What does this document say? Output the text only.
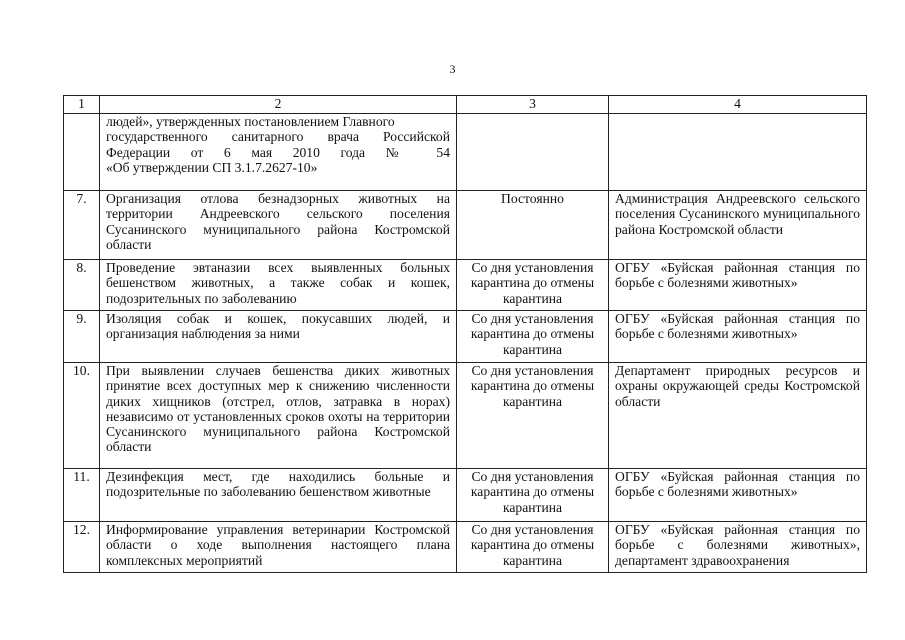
3
1	2	3	4

	людей», утвержденных постановлением Главного
государственного санитарного врача Российской
Федерации от 6 мая 2010 года № 54
«Об утверждении СП 3.1.7.2627-10»		

7.	Организация отлова безнадзорных животных на территории Андреевского сельского поселения Сусанинского муниципального района Костромской области	Постоянно	Администрация Андреевского сельского поселения Сусанинского муниципального района Костромской области
8.	Проведение эвтаназии всех выявленных больных бешенством животных, а также собак и кошек, подозрительных по заболеванию	Со дня установления карантина до отмены карантина	ОГБУ «Буйская районная станция по борьбе с болезнями животных»
9.	Изоляция собак и кошек, покусавших людей, и организация наблюдения за ними	Со дня установления карантина до отмены карантина	ОГБУ «Буйская районная станция по борьбе с болезнями животных»
10.	При выявлении случаев бешенства диких животных принятие всех доступных мер к снижению численности диких хищников (отстрел, отлов, затравка в норах) независимо от установленных сроков охоты на территории Сусанинского муниципального района Костромской области	Со дня установления карантина до отмены карантина	Департамент природных ресурсов и охраны окружающей среды Костромской области
11.	Дезинфекция мест, где находились больные и подозрительные по заболеванию бешенством животные	Со дня установления карантина до отмены карантина	ОГБУ «Буйская районная станция по борьбе с болезнями животных»
12.	Информирование управления ветеринарии Костромской области о ходе выполнения настоящего плана комплексных мероприятий	Со дня установления карантина до отмены карантина	ОГБУ «Буйская районная станция по борьбе с болезнями животных», департамент здравоохранения
